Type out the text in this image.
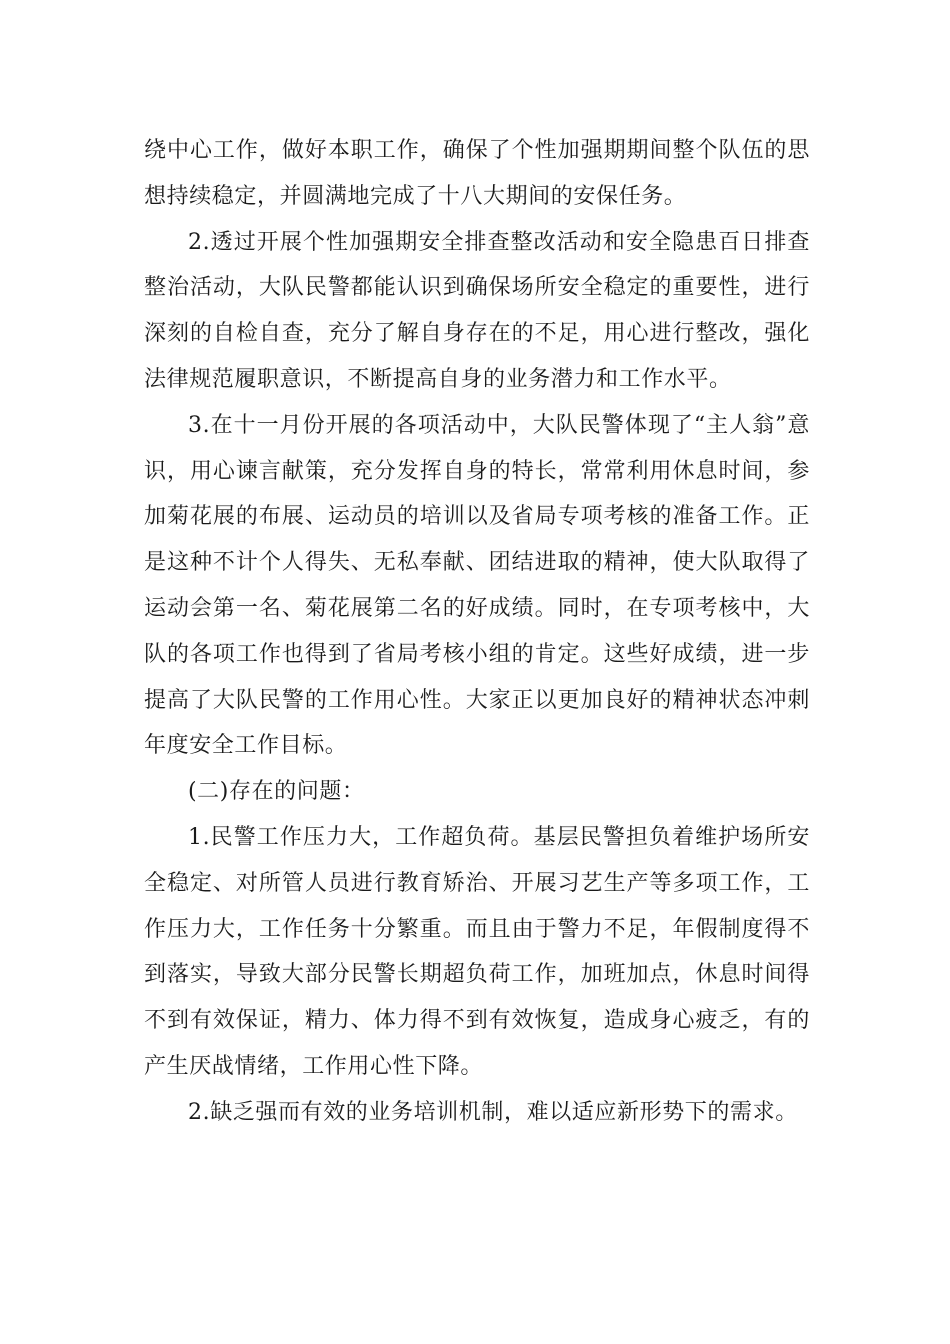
绕中心工作，做好本职工作，确保了个性加强期期间整个队伍的思想持续稳定，并圆满地完成了十八大期间的安保任务。

2.透过开展个性加强期安全排查整改活动和安全隐患百日排查整治活动，大队民警都能认识到确保场所安全稳定的重要性，进行深刻的自检自查，充分了解自身存在的不足，用心进行整改，强化法律规范履职意识，不断提高自身的业务潜力和工作水平。

3.在十一月份开展的各项活动中，大队民警体现了“主人翁”意识，用心谏言献策，充分发挥自身的特长，常常利用休息时间，参加菊花展的布展、运动员的培训以及省局专项考核的准备工作。正是这种不计个人得失、无私奉献、团结进取的精神，使大队取得了运动会第一名、菊花展第二名的好成绩。同时，在专项考核中，大队的各项工作也得到了省局考核小组的肯定。这些好成绩，进一步提高了大队民警的工作用心性。大家正以更加良好的精神状态冲刺年度安全工作目标。

(二)存在的问题：

1.民警工作压力大，工作超负荷。基层民警担负着维护场所安全稳定、对所管人员进行教育矫治、开展习艺生产等多项工作，工作压力大，工作任务十分繁重。而且由于警力不足，年假制度得不到落实，导致大部分民警长期超负荷工作，加班加点，休息时间得不到有效保证，精力、体力得不到有效恢复，造成身心疲乏，有的产生厌战情绪，工作用心性下降。

2.缺乏强而有效的业务培训机制，难以适应新形势下的需求。
